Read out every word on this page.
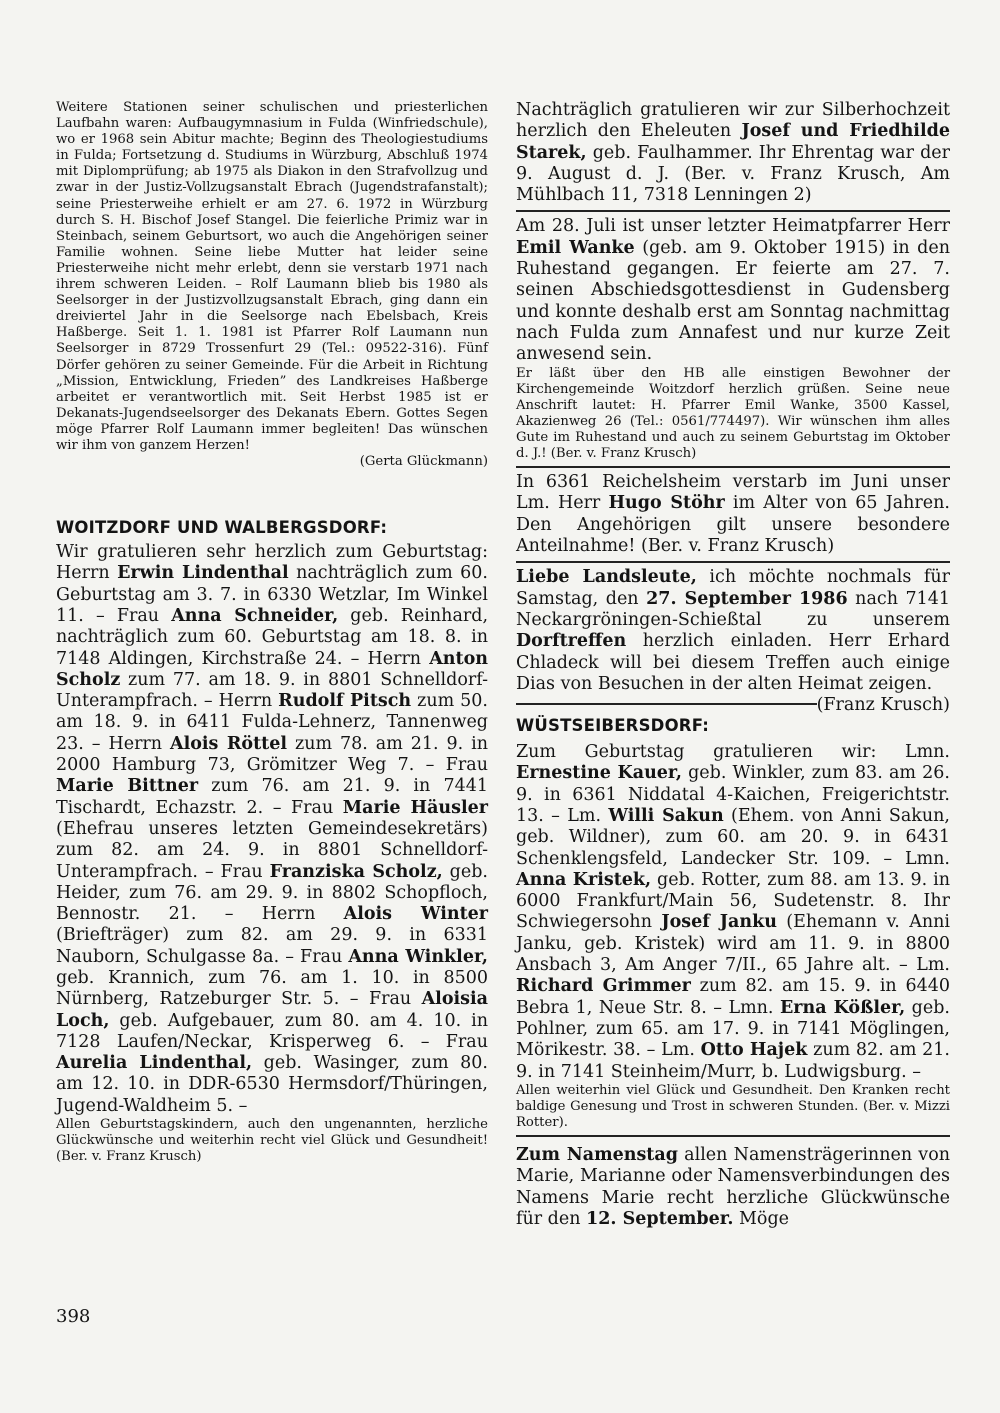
Weitere Stationen seiner schulischen und priesterlichen Laufbahn waren: Aufbaugymnasium in Fulda (Winfriedschule), wo er 1968 sein Abitur machte; Beginn des Theologiestudiums in Fulda; Fortsetzung d. Studiums in Würzburg, Abschluß 1974 mit Diplomprüfung; ab 1975 als Diakon in den Strafvollzug und zwar in der Justiz-Vollzugsanstalt Ebrach (Jugendstrafanstalt); seine Priesterweihe erhielt er am 27. 6. 1972 in Würzburg durch S. H. Bischof Josef Stangel. Die feierliche Primiz war in Steinbach, seinem Geburtsort, wo auch die Angehörigen seiner Familie wohnen. Seine liebe Mutter hat leider seine Priesterweihe nicht mehr erlebt, denn sie verstarb 1971 nach ihrem schweren Leiden. – Rolf Laumann blieb bis 1980 als Seelsorger in der Justizvollzugsanstalt Ebrach, ging dann ein dreiviertel Jahr in die Seelsorge nach Ebelsbach, Kreis Haßberge. Seit 1. 1. 1981 ist Pfarrer Rolf Laumann nun Seelsorger in 8729 Trossenfurt 29 (Tel.: 09522-316). Fünf Dörfer gehören zu seiner Gemeinde. Für die Arbeit in Richtung „Mission, Entwicklung, Frieden” des Landkreises Haßberge arbeitet er verantwortlich mit. Seit Herbst 1985 ist er Dekanats-Jugendseelsorger des Dekanats Ebern. Gottes Segen möge Pfarrer Rolf Laumann immer begleiten! Das wünschen wir ihm von ganzem Herzen!

(Gerta Glückmann)

WOITZDORF UND WALBERGSDORF:

Wir gratulieren sehr herzlich zum Geburtstag: Herrn Erwin Lindenthal nachträglich zum 60. Geburtstag am 3. 7. in 6330 Wetzlar, Im Winkel 11. – Frau Anna Schneider, geb. Reinhard, nachträglich zum 60. Geburtstag am 18. 8. in 7148 Aldingen, Kirchstraße 24. – Herrn Anton Scholz zum 77. am 18. 9. in 8801 Schnelldorf-Unterampfrach. – Herrn Rudolf Pitsch zum 50. am 18. 9. in 6411 Fulda-Lehnerz, Tannenweg 23. – Herrn Alois Röttel zum 78. am 21. 9. in 2000 Hamburg 73, Grömitzer Weg 7. – Frau Marie Bittner zum 76. am 21. 9. in 7441 Tischardt, Echazstr. 2. – Frau Marie Häusler (Ehefrau unseres letzten Gemeindesekretärs) zum 82. am 24. 9. in 8801 Schnelldorf-Unterampfrach. – Frau Franziska Scholz, geb. Heider, zum 76. am 29. 9. in 8802 Schopfloch, Bennostr. 21. – Herrn Alois Winter (Briefträger) zum 82. am 29. 9. in 6331 Nauborn, Schulgasse 8a. – Frau Anna Winkler, geb. Krannich, zum 76. am 1. 10. in 8500 Nürnberg, Ratzeburger Str. 5. – Frau Aloisia Loch, geb. Aufgebauer, zum 80. am 4. 10. in 7128 Laufen/Neckar, Krisperweg 6. – Frau Aurelia Lindenthal, geb. Wasinger, zum 80. am 12. 10. in DDR-6530 Hermsdorf/Thüringen, Jugend-Waldheim 5. –

Allen Geburtstagskindern, auch den ungenannten, herzliche Glückwünsche und weiterhin recht viel Glück und Gesundheit! (Ber. v. Franz Krusch)

Nachträglich gratulieren wir zur Silberhochzeit herzlich den Eheleuten Josef und Friedhilde Starek, geb. Faulhammer. Ihr Ehrentag war der 9. August d. J. (Ber. v. Franz Krusch, Am Mühlbach 11, 7318 Lenningen 2)

Am 28. Juli ist unser letzter Heimatpfarrer Herr Emil Wanke (geb. am 9. Oktober 1915) in den Ruhestand gegangen. Er feierte am 27. 7. seinen Abschiedsgottesdienst in Gudensberg und konnte deshalb erst am Sonntag nachmittag nach Fulda zum Annafest und nur kurze Zeit anwesend sein.

Er läßt über den HB alle einstigen Bewohner der Kirchengemeinde Woitzdorf herzlich grüßen. Seine neue Anschrift lautet: H. Pfarrer Emil Wanke, 3500 Kassel, Akazienweg 26 (Tel.: 0561/774497). Wir wünschen ihm alles Gute im Ruhestand und auch zu seinem Geburtstag im Oktober d. J.! (Ber. v. Franz Krusch)

In 6361 Reichelsheim verstarb im Juni unser Lm. Herr Hugo Stöhr im Alter von 65 Jahren. Den Angehörigen gilt unsere besondere Anteilnahme! (Ber. v. Franz Krusch)

Liebe Landsleute, ich möchte nochmals für Samstag, den 27. September 1986 nach 7141 Neckargröningen-Schießtal zu unserem Dorftreffen herzlich einladen. Herr Erhard Chladeck will bei diesem Treffen auch einige Dias von Besuchen in der alten Heimat zeigen.
(Franz Krusch)

WÜSTSEIBERSDORF:

Zum Geburtstag gratulieren wir: Lmn. Ernestine Kauer, geb. Winkler, zum 83. am 26. 9. in 6361 Niddatal 4-Kaichen, Freigerichtstr. 13. – Lm. Willi Sakun (Ehem. von Anni Sakun, geb. Wildner), zum 60. am 20. 9. in 6431 Schenklengsfeld, Landecker Str. 109. – Lmn. Anna Kristek, geb. Rotter, zum 88. am 13. 9. in 6000 Frankfurt/Main 56, Sudetenstr. 8. Ihr Schwiegersohn Josef Janku (Ehemann v. Anni Janku, geb. Kristek) wird am 11. 9. in 8800 Ansbach 3, Am Anger 7/II., 65 Jahre alt. – Lm. Richard Grimmer zum 82. am 15. 9. in 6440 Bebra 1, Neue Str. 8. – Lmn. Erna Kößler, geb. Pohlner, zum 65. am 17. 9. in 7141 Möglingen, Mörikestr. 38. – Lm. Otto Hajek zum 82. am 21. 9. in 7141 Steinheim/Murr, b. Ludwigsburg. –

Allen weiterhin viel Glück und Gesundheit. Den Kranken recht baldige Genesung und Trost in schweren Stunden. (Ber. v. Mizzi Rotter).

Zum Namenstag allen Namensträgerinnen von Marie, Marianne oder Namensverbindungen des Namens Marie recht herzliche Glückwünsche für den 12. September. Möge

398
